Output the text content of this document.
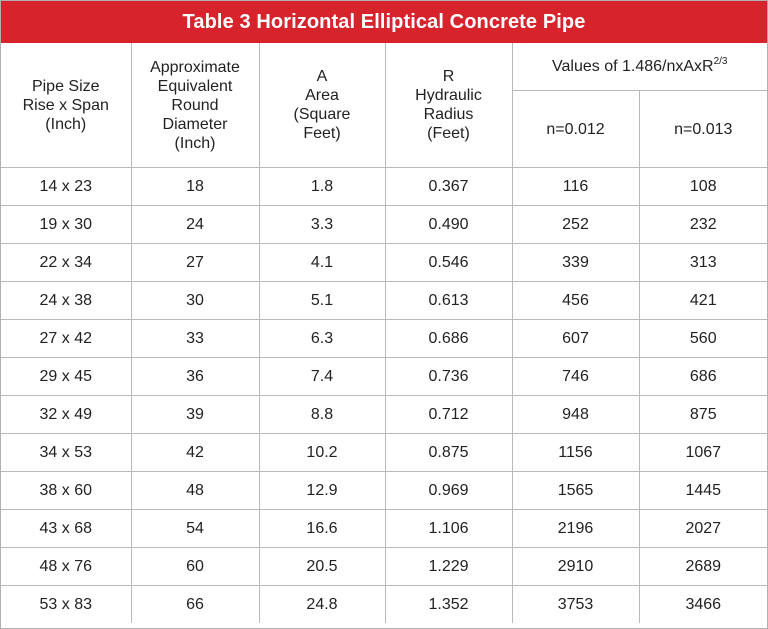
Table 3 Horizontal Elliptical Concrete Pipe
Pipe Size
Rise x Span
(Inch)	Approximate
Equivalent
Round
Diameter
(Inch)	A
Area
(Square
Feet)	R
Hydraulic
Radius
(Feet)	Values of 1.486/nxAxR$^{2/3}$
				n=0.012	n=0.013
14 x 23	18	1.8	0.367	116	108
19 x 30	24	3.3	0.490	252	232
22 x 34	27	4.1	0.546	339	313
24 x 38	30	5.1	0.613	456	421
27 x 42	33	6.3	0.686	607	560
29 x 45	36	7.4	0.736	746	686
32 x 49	39	8.8	0.712	948	875
34 x 53	42	10.2	0.875	1156	1067
38 x 60	48	12.9	0.969	1565	1445
43 x 68	54	16.6	1.106	2196	2027
48 x 76	60	20.5	1.229	2910	2689
53 x 83	66	24.8	1.352	3753	3466
